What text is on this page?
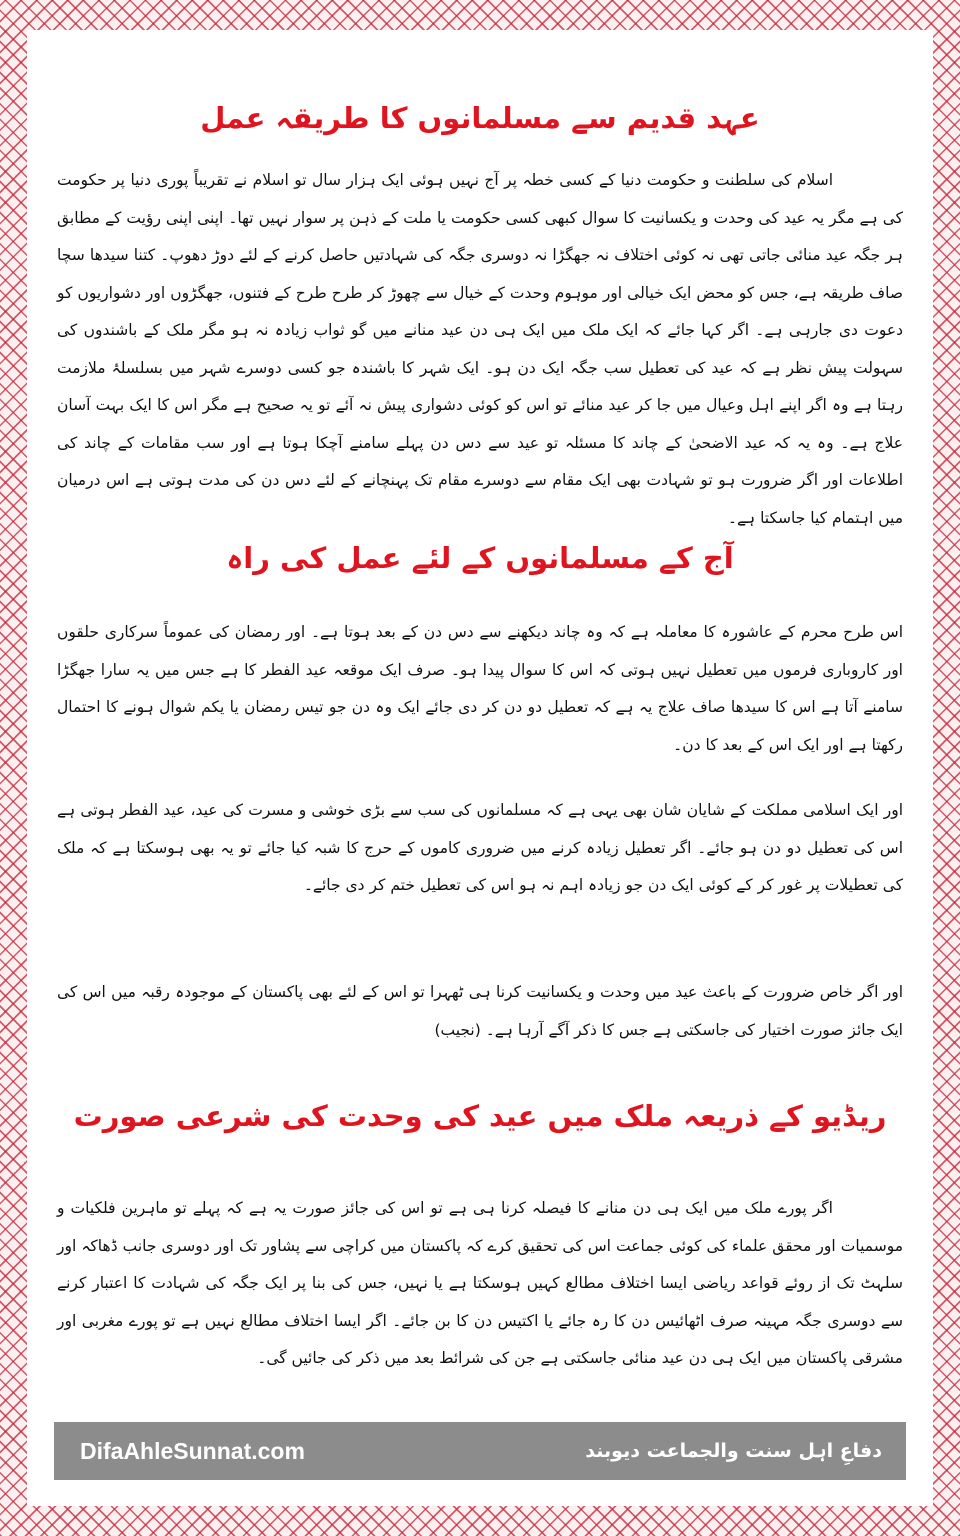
عہد قدیم سے مسلمانوں کا طریقہ عمل

اسلام کی سلطنت و حکومت دنیا کے کسی خطہ پر آج نہیں ہوئی ایک ہزار سال تو اسلام نے تقریباً پوری دنیا پر حکومت کی ہے مگر یہ عید کی وحدت و یکسانیت کا سوال کبھی کسی حکومت یا ملت کے ذہن پر سوار نہیں تھا۔ اپنی اپنی رؤیت کے مطابق ہر جگہ عید منائی جاتی تھی نہ کوئی اختلاف نہ جھگڑا نہ دوسری جگہ کی شہادتیں حاصل کرنے کے لئے دوڑ دھوپ۔ کتنا سیدھا سچا صاف طریقہ ہے، جس کو محض ایک خیالی اور موہوم وحدت کے خیال سے چھوڑ کر طرح طرح کے فتنوں، جھگڑوں اور دشواریوں کو دعوت دی جارہی ہے۔ اگر کہا جائے کہ ایک ملک میں ایک ہی دن عید منانے میں گو ثواب زیادہ نہ ہو مگر ملک کے باشندوں کی سہولت پیش نظر ہے کہ عید کی تعطیل سب جگہ ایک دن ہو۔ ایک شہر کا باشندہ جو کسی دوسرے شہر میں بسلسلۂ ملازمت رہتا ہے وہ اگر اپنے اہل وعیال میں جا کر عید منائے تو اس کو کوئی دشواری پیش نہ آئے تو یہ صحیح ہے مگر اس کا ایک بہت آسان علاج ہے۔ وہ یہ کہ عید الاضحیٰ کے چاند کا مسئلہ تو عید سے دس دن پہلے سامنے آچکا ہوتا ہے اور سب مقامات کے چاند کی اطلاعات اور اگر ضرورت ہو تو شہادت بھی ایک مقام سے دوسرے مقام تک پہنچانے کے لئے دس دن کی مدت ہوتی ہے اس درمیان میں اہتمام کیا جاسکتا ہے۔

آج کے مسلمانوں کے لئے عمل کی راہ

اس طرح محرم کے عاشورہ کا معاملہ ہے کہ وہ چاند دیکھنے سے دس دن کے بعد ہوتا ہے۔ اور رمضان کی عموماً سرکاری حلقوں اور کاروباری فرموں میں تعطیل نہیں ہوتی کہ اس کا سوال پیدا ہو۔ صرف ایک موقعہ عید الفطر کا ہے جس میں یہ سارا جھگڑا سامنے آتا ہے اس کا سیدھا صاف علاج یہ ہے کہ تعطیل دو دن کر دی جائے ایک وہ دن جو تیس رمضان یا یکم شوال ہونے کا احتمال رکھتا ہے اور ایک اس کے بعد کا دن۔

اور ایک اسلامی مملکت کے شایان شان بھی یہی ہے کہ مسلمانوں کی سب سے بڑی خوشی و مسرت کی عید، عید الفطر ہوتی ہے اس کی تعطیل دو دن ہو جائے۔ اگر تعطیل زیادہ کرنے میں ضروری کاموں کے حرج کا شبہ کیا جائے تو یہ بھی ہوسکتا ہے کہ ملک کی تعطیلات پر غور کر کے کوئی ایک دن جو زیادہ اہم نہ ہو اس کی تعطیل ختم کر دی جائے۔

اور اگر خاص ضرورت کے باعث عید میں وحدت و یکسانیت کرنا ہی ٹھہرا تو اس کے لئے بھی پاکستان کے موجودہ رقبہ میں اس کی ایک جائز صورت اختیار کی جاسکتی ہے جس کا ذکر آگے آرہا ہے۔ (نجیب)

ریڈیو کے ذریعہ ملک میں عید کی وحدت کی شرعی صورت

اگر پورے ملک میں ایک ہی دن منانے کا فیصلہ کرنا ہی ہے تو اس کی جائز صورت یہ ہے کہ پہلے تو ماہرین فلکیات و موسمیات اور محقق علماء کی کوئی جماعت اس کی تحقیق کرے کہ پاکستان میں کراچی سے پشاور تک اور دوسری جانب ڈھاکہ اور سلہٹ تک از روئے قواعد ریاضی ایسا اختلاف مطالع کہیں ہوسکتا ہے یا نہیں، جس کی بنا پر ایک جگہ کی شہادت کا اعتبار کرنے سے دوسری جگہ مہینہ صرف اٹھائیس دن کا رہ جائے یا اکتیس دن کا بن جائے۔ اگر ایسا اختلاف مطالع نہیں ہے تو پورے مغربی اور مشرقی پاکستان میں ایک ہی دن عید منائی جاسکتی ہے جن کی شرائط بعد میں ذکر کی جائیں گی۔

DifaAhleSunnat.com	دفاعِ اہل سنت والجماعت دیوبند
